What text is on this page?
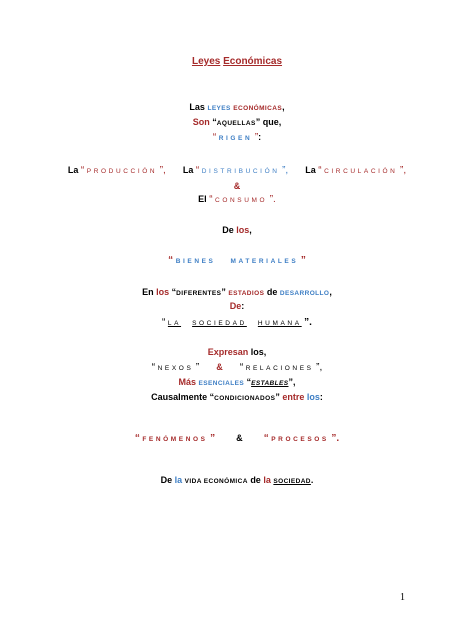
Leyes Económicas
Las LEYES ECONÓMICAS,
Son “AQUELLAS” que,
“ RIGEN ”:
La “ PRODUCCIÓN ”, La “ DISTRIBUCIÓN ”, La “ CIRCULACIÓN ”,
&
El “ CONSUMO ”.
De los,
“ BIENES MATERIALES ”
En los “DIFERENTES” ESTADIOS de DESARROLLO,
De:
“ LA SOCIEDAD HUMANA ”.
Expresan los,
“ NEXOS ” & “ RELACIONES ”,
Más ESENCIALES “ESTABLES”,
Causalmente “CONDICIONADOS” entre los:
“ FENÓMENOS ” & “ PROCESOS ”.
De la VIDA ECONÓMICA de la SOCIEDAD.
1
